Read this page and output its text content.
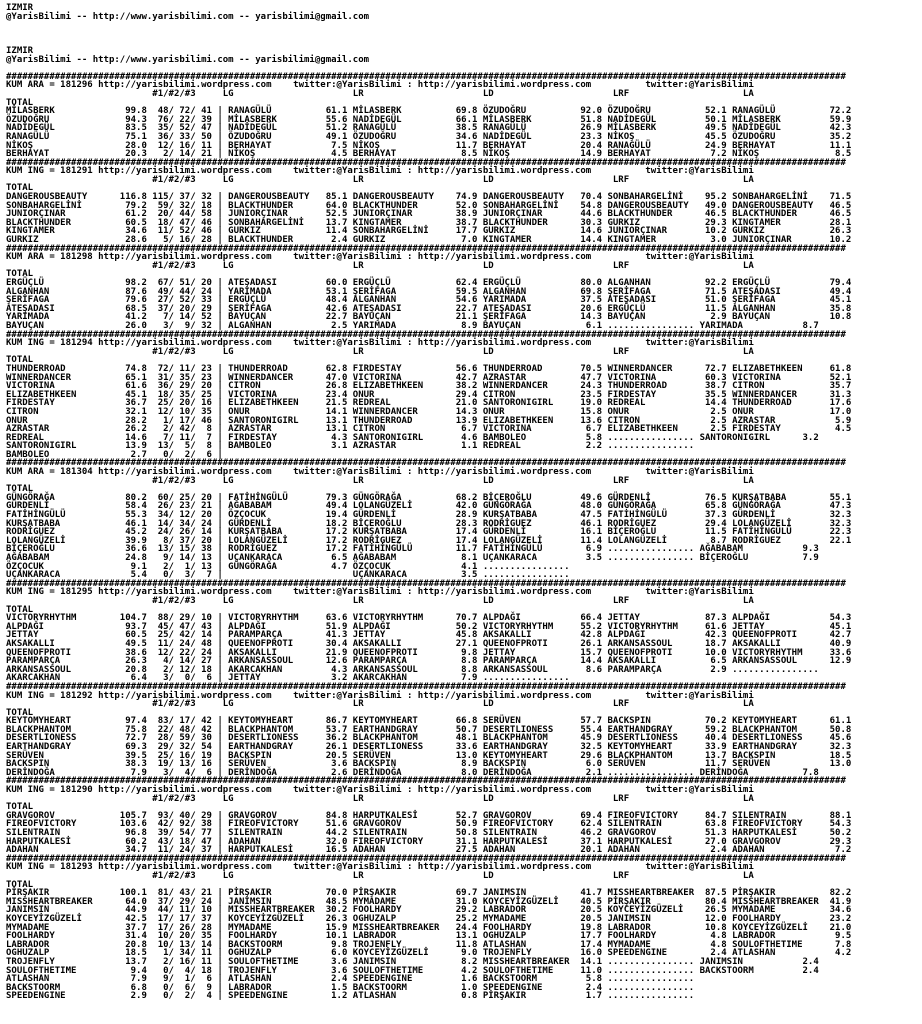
IZMIR
@YarisBilimi -- http://www.yarisbilimi.com -- yarisbilimi@gmail.com
IZMIR
@YarisBilimi -- http://www.yarisbilimi.com -- yarisbilimi@gmail.com
###########################################################################################################################################################
KUM ARA = 181296 http://yarisbilimi.wordpress.com    twitter:@YarisBilimi : http://yarisbilimi.wordpress.com          twitter:@YarisBilimi
#1/#2/#3     LG                      LR                      LD                      LRF                     LA
TOTAL
MİLASBERK             99.8  48/ 72/ 41 | RANAGÜLÜ          61.1 MİLASBERK          69.8 ÖZUDOĞRU          92.0 ÖZUDOĞRU          52.1 RANAGÜLÜ          72.2
ÖZUDOĞRU              94.3  76/ 22/ 39 | MİLASBERK         55.6 NADİDEGÜL          66.1 MİLASBERK         51.8 NADİDEGÜL         50.1 MİLASBERK         59.9
NADİDEGÜL             83.5  35/ 52/ 47 | NADİDEGÜL         51.2 RANAGÜLÜ           38.5 RANAGÜLÜ          26.9 MİLASBERK         49.5 NADİDEGÜL         42.3
RANAGÜLÜ              75.1  36/ 33/ 50 | ÖZUDOĞRU          49.1 ÖZUDOĞRU           34.6 NADİDEGÜL         23.3 NİKOŞ             45.5 ÖZUDOĞRU          35.2
NİKOŞ                 28.0  12/ 16/ 11 | BERHAYAT           7.5 NİKOŞ              11.7 BERHAYAT          20.4 RANAGÜLÜ          24.9 BERHAYAT          11.1
BERHAYAT              20.3   2/ 14/ 21 | NİKOŞ              4.5 BERHAYAT            8.5 NİKOŞ             14.9 BERHAYAT           7.2 NİKOŞ              8.5
###########################################################################################################################################################
KUM ING = 181291 http://yarisbilimi.wordpress.com    twitter:@YarisBilimi : http://yarisbilimi.wordpress.com          twitter:@YarisBilimi
#1/#2/#3     LG                      LR                      LD                      LRF                     LA
TOTAL
DANGEROUSBEAUTY      116.8 115/ 37/ 32 | DANGEROUSBEAUTY   85.1 DANGEROUSBEAUTY    74.9 DANGEROUSBEAUTY   70.4 SONBAHARGELİNİ    95.2 SONBAHARGELİNİ    71.5
SONBAHARGELİNİ        79.2  59/ 32/ 18 | BLACKTHUNDER      64.0 BLACKTHUNDER       52.0 SONBAHARGELİNİ    54.8 DANGEROUSBEAUTY   49.0 DANGEROUSBEAUTY   46.5
JUNIORÇINAR           61.2  20/ 44/ 58 | JUNIORÇINAR       52.5 JUNIORÇINAR        38.9 JUNIORÇINAR       44.6 BLACKTHUNDER      46.5 BLACKTHUNDER      46.5
BLACKTHUNDER          60.5  18/ 47/ 46 | SONBAHARGELİNİ    13.7 KINGTAMER          38.7 BLACKTHUNDER      30.3 GURKIZ            29.3 KINGTAMER         28.1
KINGTAMER             34.6  11/ 52/ 46 | GURKIZ            11.4 SONBAHARGELİNİ     17.7 GURKIZ            14.6 JUNIORÇINAR       10.2 GURKIZ            26.3
GURKIZ                28.6   5/ 16/ 28 | BLACKTHUNDER       2.4 GURKIZ              7.0 KINGTAMER         14.4 KINGTAMER          3.0 JUNIORÇINAR       10.2
###########################################################################################################################################################
KUM ARA = 181298 http://yarisbilimi.wordpress.com    twitter:@YarisBilimi : http://yarisbilimi.wordpress.com          twitter:@YarisBilimi
#1/#2/#3     LG                      LR                      LD                      LRF                     LA
TOTAL
ERGÜÇLÜ               98.2  67/ 51/ 20 | ATEŞADASI         60.0 ERGÜÇLÜ            62.4 ERGÜÇLÜ           80.0 ALGANHAN          92.2 ERGÜÇLÜ           79.4
ALGANHAN              87.6  49/ 44/ 24 | YARIMADA          53.1 ŞERİFAGA           59.5 ALGANHAN          69.8 ŞERİFAGA          71.5 ATEŞADASI         49.4
ŞERİFAGA              79.6  27/ 52/ 33 | ERGÜÇLÜ           48.4 ALGANHAN           54.6 YARIMADA          37.5 ATEŞADASI         51.0 ŞERİFAGA          45.1
ATEŞADASI             68.5  37/ 20/ 29 | ŞERİFAGA          42.6 ATEŞADASI          22.7 ATEŞADASI         20.6 ERGÜÇLÜ           11.5 ALGANHAN          35.8
YARIMADA              41.2   7/ 14/ 52 | BAYUÇAN           22.7 BAYUÇAN            21.1 ŞERİFAGA          14.3 BAYUÇAN            2.9 BAYUÇAN           10.8
BAYUÇAN               26.0   3/  9/ 32 | ALGANHAN           2.5 YARIMADA            8.9 BAYUÇAN            6.1 ................ YARIMADA           8.7
###########################################################################################################################################################
KUM ING = 181294 http://yarisbilimi.wordpress.com    twitter:@YarisBilimi : http://yarisbilimi.wordpress.com          twitter:@YarisBilimi
#1/#2/#3     LG                      LR                      LD                      LRF                     LA
TOTAL
THUNDERROAD           74.8  72/ 11/ 23 | THUNDERROAD       62.8 FIRDESTAY          56.6 THUNDERROAD       70.5 WINNERDANCER      72.7 ELIZABETHKEEN     61.8
WINNERDANCER          65.1  31/ 35/ 23 | WINNERDANCER      47.0 VICTORINA          42.7 AZRASTAR          47.7 VICTORINA         60.3 VICTORINA         52.1
VICTORINA             61.6  36/ 29/ 20 | CITRON            26.8 ELIZABETHKEEN      38.2 WINNERDANCER      24.3 THUNDERROAD       38.7 CITRON            35.7
ELIZABETHKEEN         45.1  18/ 35/ 25 | VICTORINA         23.4 ONUR               29.4 CITRON            23.5 FIRDESTAY         35.5 WINNERDANCER      31.3
FIRDESTAY             36.7  25/ 20/ 16 | ELIZABETHKEEN     21.5 REDREAL            21.0 SANTORONIGIRL     19.0 REDREAL           14.4 THUNDERROAD       17.6
CITRON                32.1  12/ 10/ 35 | ONUR              14.1 WINNERDANCER       14.3 ONUR              15.8 ONUR               2.5 ONUR              17.0
ONUR                  28.2   1/ 17/ 46 | SANTORONIGIRL     13.1 THUNDERROAD        13.9 ELIZABETHKEEN     13.6 CITRON             2.5 AZRASTAR           5.9
AZRASTAR              26.2   2/ 42/  8 | AZRASTAR          13.1 CITRON              6.7 VICTORINA          6.7 ELIZABETHKEEN      2.5 FIRDESTAY          4.5
REDREAL               14.6   7/ 11/  7 | FIRDESTAY          4.3 SANTORONIGIRL       4.6 BAMBOLEO           5.8 ................ SANTORONIGIRL      3.2
SANTORONIGIRL         13.9  13/  5/  8 | BAMBOLEO           3.1 AZRASTAR            1.1 REDREAL            2.2 ................
BAMBOLEO               2.7   0/  2/  6 |
###########################################################################################################################################################
KUM ARA = 181304 http://yarisbilimi.wordpress.com    twitter:@YarisBilimi : http://yarisbilimi.wordpress.com          twitter:@YarisBilimi
#1/#2/#3     LG                      LR                      LD                      LRF                     LA
TOTAL
GÜNGÖRAĞA             80.2  60/ 25/ 20 | FATİHİNGÜLÜ       79.3 GÜNGÖRAĞA          68.2 BİÇEROĞLU         49.6 GÜRDENLİ          76.5 KURŞATBABA        55.1
GÜRDENLİ              58.4  26/ 23/ 21 | AĞABABAM          49.4 LOLANGÜZELİ        42.0 GÜNGÖRAĞA         48.0 GÜNGÖRAĞA         65.8 GÜNGÖRAĞA         47.3
FATİHİNGÜLÜ           55.3  34/ 12/ 20 | ÖZÇOCUK           19.4 GÜRDENLİ           28.9 KURŞATBABA        47.5 FATİHİNGÜLÜ       37.3 GÜRDENLİ          32.3
KURŞATBABA            46.1  14/ 34/ 24 | GÜRDENLİ          18.2 BİÇEROĞLU          28.3 RODRİGUEZ         46.1 RODRİGUEZ         29.4 LOLANGÜZELİ       32.3
RODRİGUEZ             45.2  24/ 26/ 14 | KURŞATBABA        17.2 KURŞATBABA         17.4 GÜRDENLİ          16.1 BİÇEROĞLU         11.5 FATİHİNGÜLÜ       22.3
LOLANGÜZELİ           39.9   8/ 37/ 20 | LOLANGÜZELİ       17.2 RODRİGUEZ          17.4 LOLANGÜZELİ       11.4 LOLANGÜZELİ        8.7 RODRİGUEZ         22.1
BİÇEROĞLU             36.6  13/ 15/ 38 | RODRİGUEZ         17.2 FATİHİNGÜLÜ        11.7 FATİHİNGÜLÜ        6.9 ................ AĞABABAM           9.3
AĞABABAM              24.8   9/ 14/ 13 | UÇANKARACA         6.5 AĞABABAM            8.1 UÇANKARACA         3.5 ................ BİÇEROĞLU          7.9
ÖZÇOCUK                9.1   2/  1/ 13 | GÜNGÖRAĞA          4.7 ÖZÇOCUK             4.1 ................
UÇANKARACA             5.4   0/  3/  7 |                        UÇANKARACA          3.5 ................
###########################################################################################################################################################
KUM ING = 181295 http://yarisbilimi.wordpress.com    twitter:@YarisBilimi : http://yarisbilimi.wordpress.com          twitter:@YarisBilimi
#1/#2/#3     LG                      LR                      LD                      LRF                     LA
TOTAL
VICTORYRHYTHM        104.7  88/ 29/ 10 | VICTORYRHYTHM     63.6 VICTORYRHYTHM      70.7 ALPDAĞI           66.4 JETTAY            87.3 ALPDAĞI           54.3
ALPDAĞI               93.7  45/ 47/ 43 | ALPDAĞI           51.9 ALPDAĞI            50.2 VICTORYRHYTHM     55.2 VICTORYRHYTHM     61.6 JETTAY            45.1
JETTAY                60.5  25/ 42/ 14 | PARAMPARÇA        41.3 JETTAY             45.8 AKSAKALLI         42.8 ALPDAĞI           42.3 QUEENOFPROTI      42.7
AKSAKALLI             49.5  11/ 24/ 48 | QUEENOFPROTI      30.4 AKSAKALLI          27.1 QUEENOFPROTI      26.1 ARKANSASSOUL      18.7 AKSAKALLI         40.9
QUEENOFPROTI          38.6  12/ 22/ 24 | AKSAKALLI         21.9 QUEENOFPROTI        9.8 JETTAY            15.7 QUEENOFPROTI      10.0 VICTORYRHYTHM     33.6
PARAMPARÇA            26.3   4/ 14/ 27 | ARKANSASSOUL      12.6 PARAMPARÇA          8.8 PARAMPARÇA        14.4 AKSAKALLI          6.5 ARKANSASSOUL      12.9
ARKANSASSOUL          20.8   2/ 12/ 18 | AKARCAKHAN         4.3 ARKANSASSOUL        8.8 ARKANSASSOUL       8.6 PARAMPARÇA         2.9 ................
AKARCAKHAN             6.4   3/  0/  6 | JETTAY             3.2 AKARCAKHAN          7.9 ................
###########################################################################################################################################################
KUM ING = 181292 http://yarisbilimi.wordpress.com    twitter:@YarisBilimi : http://yarisbilimi.wordpress.com          twitter:@YarisBilimi
#1/#2/#3     LG                      LR                      LD                      LRF                     LA
TOTAL
KEYTOMYHEART          97.4  83/ 17/ 42 | KEYTOMYHEART      86.7 KEYTOMYHEART       66.8 SERÜVEN           57.7 BACKSPIN          70.2 KEYTOMYHEART      61.1
BLACKPHANTOM          75.8  22/ 48/ 42 | BLACKPHANTOM      53.7 EARTHANDGRAY       50.7 DESERTLIONESS     55.4 EARTHANDGRAY      59.2 BLACKPHANTOM      50.8
DESERTLIONESS         72.7  28/ 59/ 30 | DESERTLIONESS     36.2 BLACKPHANTOM       48.1 BLACKPHANTOM      45.9 DESERTLIONESS     40.4 DESERTLIONESS     45.6
EARTHANDGRAY          69.3  29/ 32/ 54 | EARTHANDGRAY      26.1 DESERTLIONESS      33.6 EARTHANDGRAY      32.5 KEYTOMYHEART      33.9 EARTHANDGRAY      32.3
SERÜVEN               39.5  25/ 16/ 19 | BACKSPIN          20.5 SERÜVEN            13.0 KEYTOMYHEART      29.6 BLACKPHANTOM      13.7 BACKSPIN          18.5
BACKSPIN              38.3  19/ 13/ 16 | SERÜVEN            3.6 BACKSPIN            8.9 BACKSPIN           6.0 SERÜVEN           11.7 SERÜVEN           13.0
DERİNDOĞA              7.9   3/  4/  6 | DERİNDOĞA          2.6 DERİNDOĞA           8.0 DERİNDOĞA          2.1 ................ DERİNDOĞA          7.8
###########################################################################################################################################################
KUM ING = 181290 http://yarisbilimi.wordpress.com    twitter:@YarisBilimi : http://yarisbilimi.wordpress.com          twitter:@YarisBilimi
#1/#2/#3     LG                      LR                      LD                      LRF                     LA
TOTAL
GRAVGOROV            105.7  93/ 40/ 29 | GRAVGOROV         84.8 HARPUTKALESİ       52.7 GRAVGOROV         69.4 FIREOFVICTORY     84.7 SILENTRAIN        88.1
FIREOFVICTORY        103.6  42/ 92/ 38 | FIREOFVICTORY     51.6 GRAVGOROV          50.9 FIREOFVICTORY     62.4 SILENTRAIN        63.8 FIREOFVICTORY     54.3
SILENTRAIN            96.8  39/ 54/ 77 | SILENTRAIN        44.2 SILENTRAIN         50.8 SILENTRAIN        46.2 GRAVGOROV         51.3 HARPUTKALESİ      50.2
HARPUTKALESİ          60.2  43/ 18/ 47 | ADAHAN            32.0 FIREOFVICTORY      31.1 HARPUTKALESİ      37.1 HARPUTKALESİ      27.0 GRAVGOROV         29.3
ADAHAN                34.7  11/ 24/ 37 | HARPUTKALESİ      16.5 ADAHAN             27.5 ADAHAN            20.1 ADAHAN             2.4 ADAHAN             7.2
###########################################################################################################################################################
KUM ING = 181293 http://yarisbilimi.wordpress.com    twitter:@YarisBilimi : http://yarisbilimi.wordpress.com          twitter:@YarisBilimi
#1/#2/#3     LG                      LR                      LD                      LRF                     LA
TOTAL
PİRŞAKIR             100.1  81/ 43/ 21 | PİRŞAKIR          70.0 PİRŞAKIR           69.7 JANIMSIN          41.7 MISSHEARTBREAKER  87.5 PİRŞAKIR          82.2
MISSHEARTBREAKER      64.0  37/ 29/ 24 | JANIMSIN          48.5 MYMADAME           31.0 KOYCEYİZGÜZELİ    40.5 PİRŞAKIR          80.4 MISSHEARTBREAKER  41.9
JANIMSIN              44.9  44/ 11/ 10 | MISSHEARTBREAKER  30.2 FOOLHARDY          29.2 LABRADOR          20.5 KOYCEYİZGÜZELİ    26.5 MYMADAME          34.6
KOYCEYİZGÜZELİ        42.5  17/ 17/ 37 | KOYCEYİZGÜZELİ    26.3 OGHUZALP           25.2 MYMADAME          20.5 JANIMSIN          12.0 FOOLHARDY         23.2
MYMADAME              37.7  17/ 26/ 28 | MYMADAME          15.9 MISSHEARTBREAKER   24.4 FOOLHARDY         19.8 LABRADOR          10.8 KOYCEYİZGÜZELİ    21.0
FOOLHARDY             31.4  10/ 20/ 35 | FOOLHARDY         10.1 LABRADOR           13.1 OGHUZALP          17.7 FOOLHARDY          4.8 LABRADOR           9.5
LABRADOR              20.8  10/ 13/ 14 | BACKSTOORM         9.8 TROJENFLY          11.8 ATLASHAN          17.4 MYMADAME           4.8 SOULOFTHETIME      7.8
OGHUZALP              18.5   1/ 34/ 11 | OGHUZALP           6.0 KOYCEYİZGÜZELİ      9.0 TROJENFLY         16.0 SPEEDENGINE        2.4 ATLASHAN           4.2
TROJENFLY             13.7   2/ 16/ 11 | SOULOFTHETIME      3.6 JANIMSIN            8.2 MISSHEARTBREAKER  14.1 ................ JANIMSIN           2.4
SOULOFTHETIME          9.4   0/  4/ 18 | TROJENFLY          3.6 SOULOFTHETIME       4.2 SOULOFTHETIME     11.0 ................ BACKSTOORM         2.4
ATLASHAN               7.9   9/  1/  6 | ATLASHAN           2.4 SPEEDENGINE         1.6 BACKSTOORM         5.8 ................
BACKSTOORM             6.8   0/  6/  9 | LABRADOR           1.5 BACKSTOORM          1.0 SPEEDENGINE        2.4 ................
SPEEDENGINE            2.9   0/  2/  4 | SPEEDENGINE        1.2 ATLASHAN            0.8 PİRŞAKIR           1.7 ................
